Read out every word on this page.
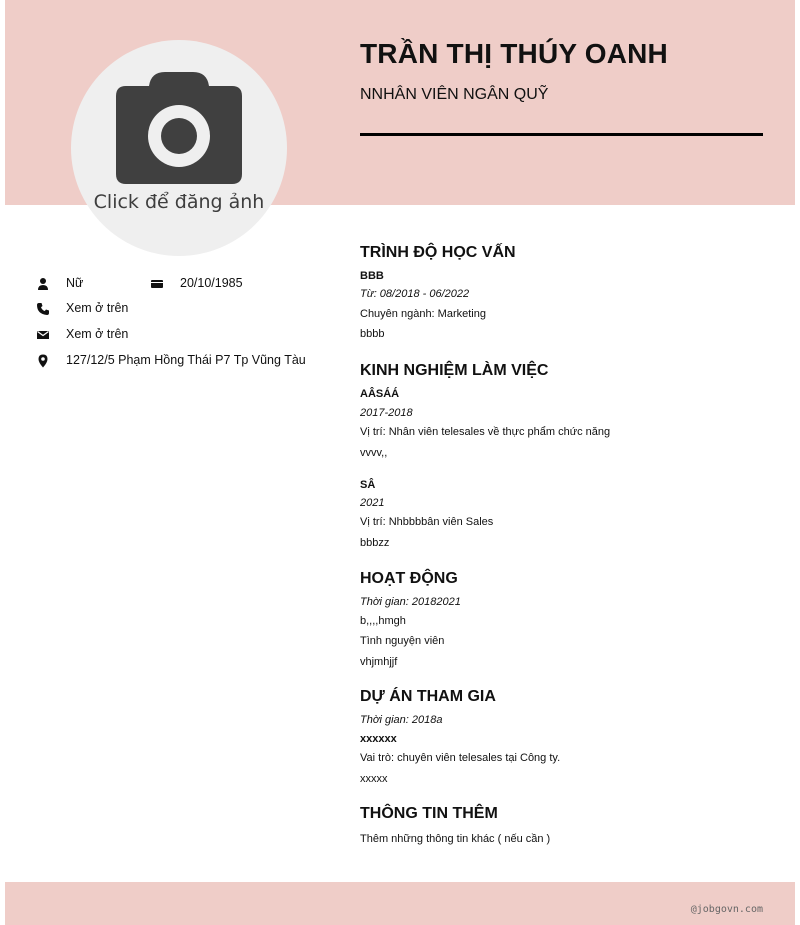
Click để đăng ảnh
TRẦN THỊ THÚY OANH

NNHÂN VIÊN NGÂN QUỸ

Nữ	20/10/1985
Xem ở trên
Xem ở trên
127/12/5 Phạm Hồng Thái P7 Tp Vũng Tàu
TRÌNH ĐỘ HỌC VẤN
BBB
Từ: 08/2018 - 06/2022
Chuyên ngành: Marketing
bbbb
KINH NGHIỆM LÀM VIỆC
AÂSÁÁ
2017-2018
Vị trí: Nhân viên telesales về thực phẩm chức năng
vvvv,,
SÂ
2021
Vị trí: Nhbbbbân viên Sales
bbbzz
HOẠT ĐỘNG
Thời gian: 20182021
b,,,,hmgh
Tình nguyện viên
vhjmhjjf
DỰ ÁN THAM GIA
Thời gian: 2018a
xxxxxx
Vai trò: chuyên viên telesales tại Công ty.
xxxxx
THÔNG TIN THÊM
Thêm những thông tin khác ( nếu cần )
@jobgovn.com
